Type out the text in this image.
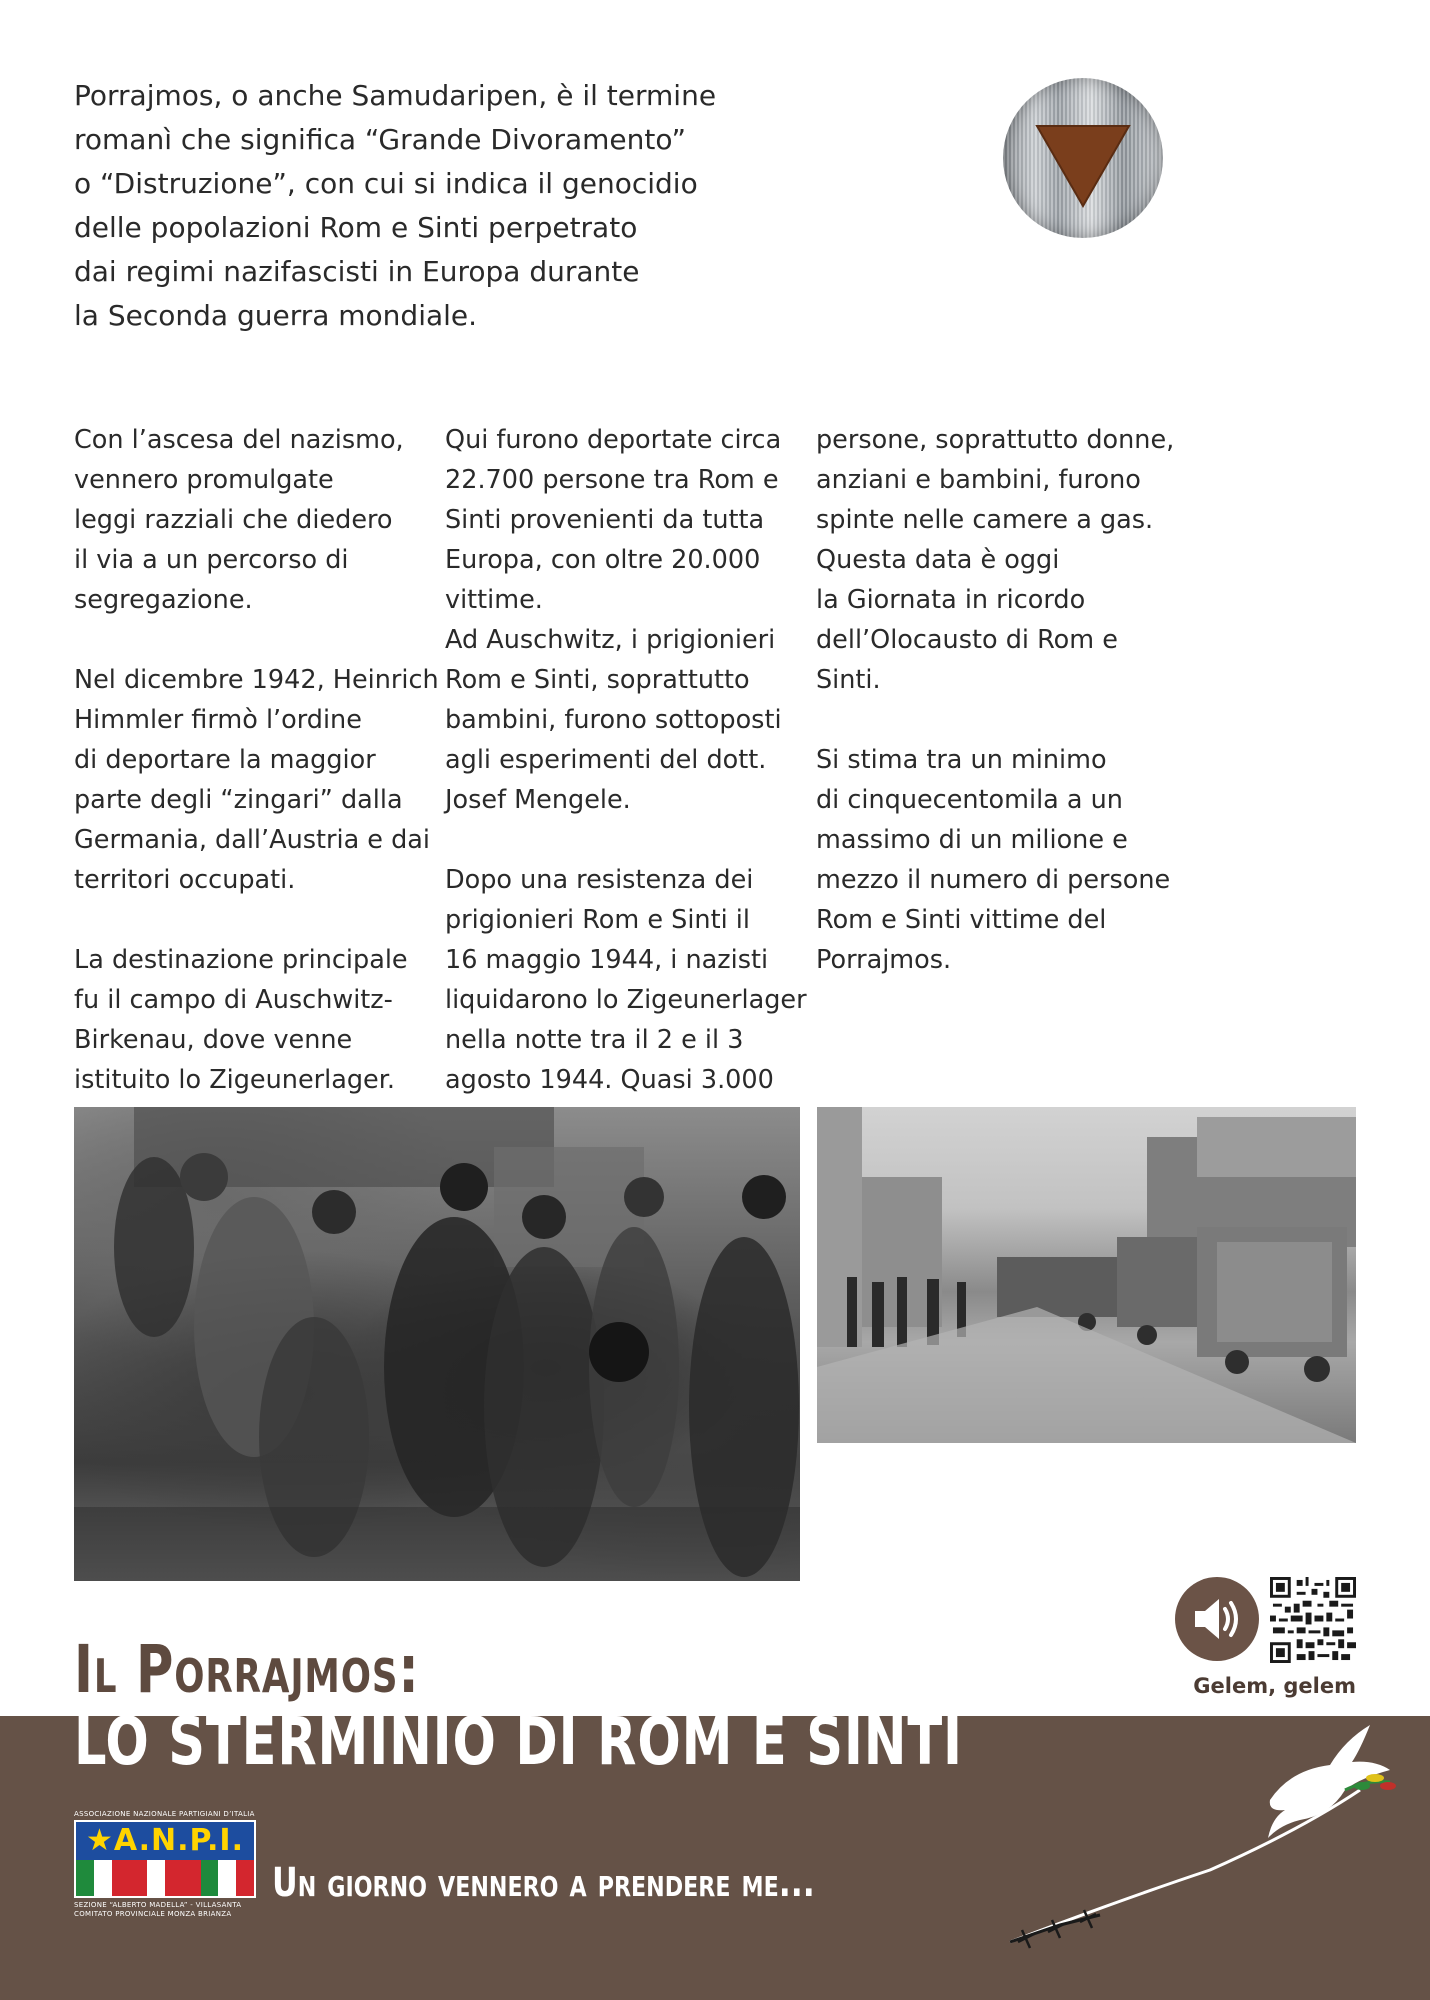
Porrajmos, o anche Samudaripen, è il termine
romanì che significa “Grande Divoramento”
o “Distruzione”, con cui si indica il genocidio
delle popolazioni Rom e Sinti perpetrato
dai regimi nazifascisti in Europa durante
la Seconda guerra mondiale.

Con l’ascesa del nazismo,
vennero promulgate
leggi razziali che diedero
il via a un percorso di
segregazione.

Nel dicembre 1942, Heinrich
Himmler firmò l’ordine
di deportare la maggior
parte degli “zingari” dalla
Germania, dall’Austria e dai
territori occupati.

La destinazione principale
fu il campo di Auschwitz-
Birkenau, dove venne
istituito lo Zigeunerlager.

Qui furono deportate circa
22.700 persone tra Rom e
Sinti provenienti da tutta
Europa, con oltre 20.000
vittime.
Ad Auschwitz, i prigionieri
Rom e Sinti, soprattutto
bambini, furono sottoposti
agli esperimenti del dott.
Josef Mengele.

Dopo una resistenza dei
prigionieri Rom e Sinti il
16 maggio 1944, i nazisti
liquidarono lo Zigeunerlager
nella notte tra il 2 e il 3
agosto 1944. Quasi 3.000

persone, soprattutto donne,
anziani e bambini, furono
spinte nelle camere a gas.
Questa data è oggi
la Giornata in ricordo
dell’Olocausto di Rom e
Sinti.

Si stima tra un minimo
di cinquecentomila a un
massimo di un milione e
mezzo il numero di persone
Rom e Sinti vittime del
Porrajmos.

Gelem, gelem
Il Porrajmos:
LO STERMINIO DI ROM E SINTI
ASSOCIAZIONE NAZIONALE PARTIGIANI D’ITALIA
★A.N.P.I.
SEZIONE “ALBERTO MADELLA” - VILLASANTA
COMITATO PROVINCIALE MONZA BRIANZA
Un giorno vennero a prendere me...
